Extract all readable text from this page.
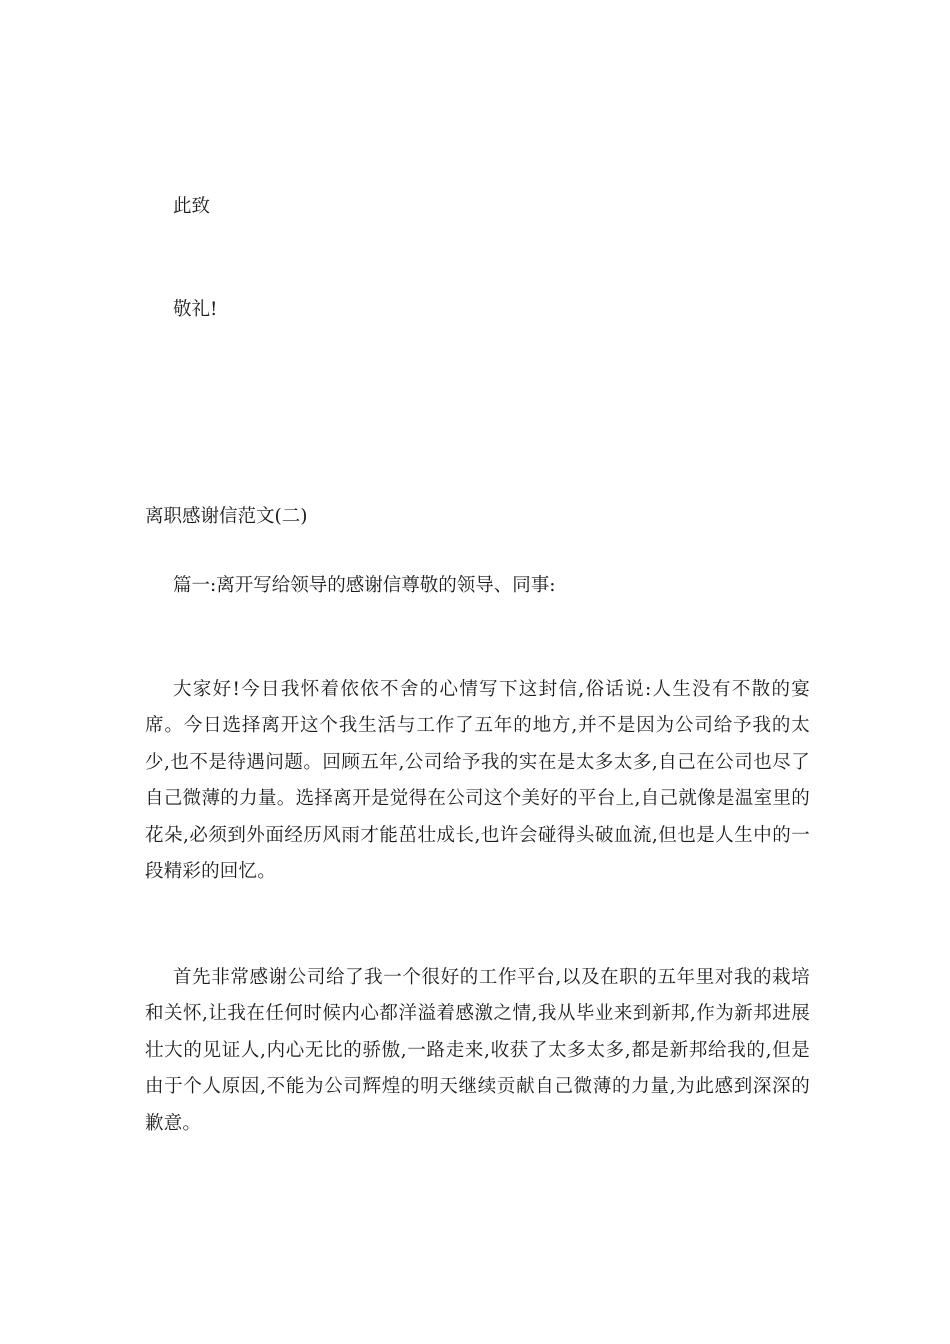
此致
敬礼!
离职感谢信范文(二)
篇一:离开写给领导的感谢信尊敬的领导、同事:
大家好!今日我怀着依依不舍的心情写下这封信,俗话说:人生没有不散的宴席。今日选择离开这个我生活与工作了五年的地方,并不是因为公司给予我的太少,也不是待遇问题。回顾五年,公司给予我的实在是太多太多,自己在公司也尽了自己微薄的力量。选择离开是觉得在公司这个美好的平台上,自己就像是温室里的花朵,必须到外面经历风雨才能茁壮成长,也许会碰得头破血流,但也是人生中的一段精彩的回忆。
首先非常感谢公司给了我一个很好的工作平台,以及在职的五年里对我的栽培和关怀,让我在任何时候内心都洋溢着感激之情,我从毕业来到新邦,作为新邦进展壮大的见证人,内心无比的骄傲,一路走来,收获了太多太多,都是新邦给我的,但是由于个人原因,不能为公司辉煌的明天继续贡献自己微薄的力量,为此感到深深的歉意。
